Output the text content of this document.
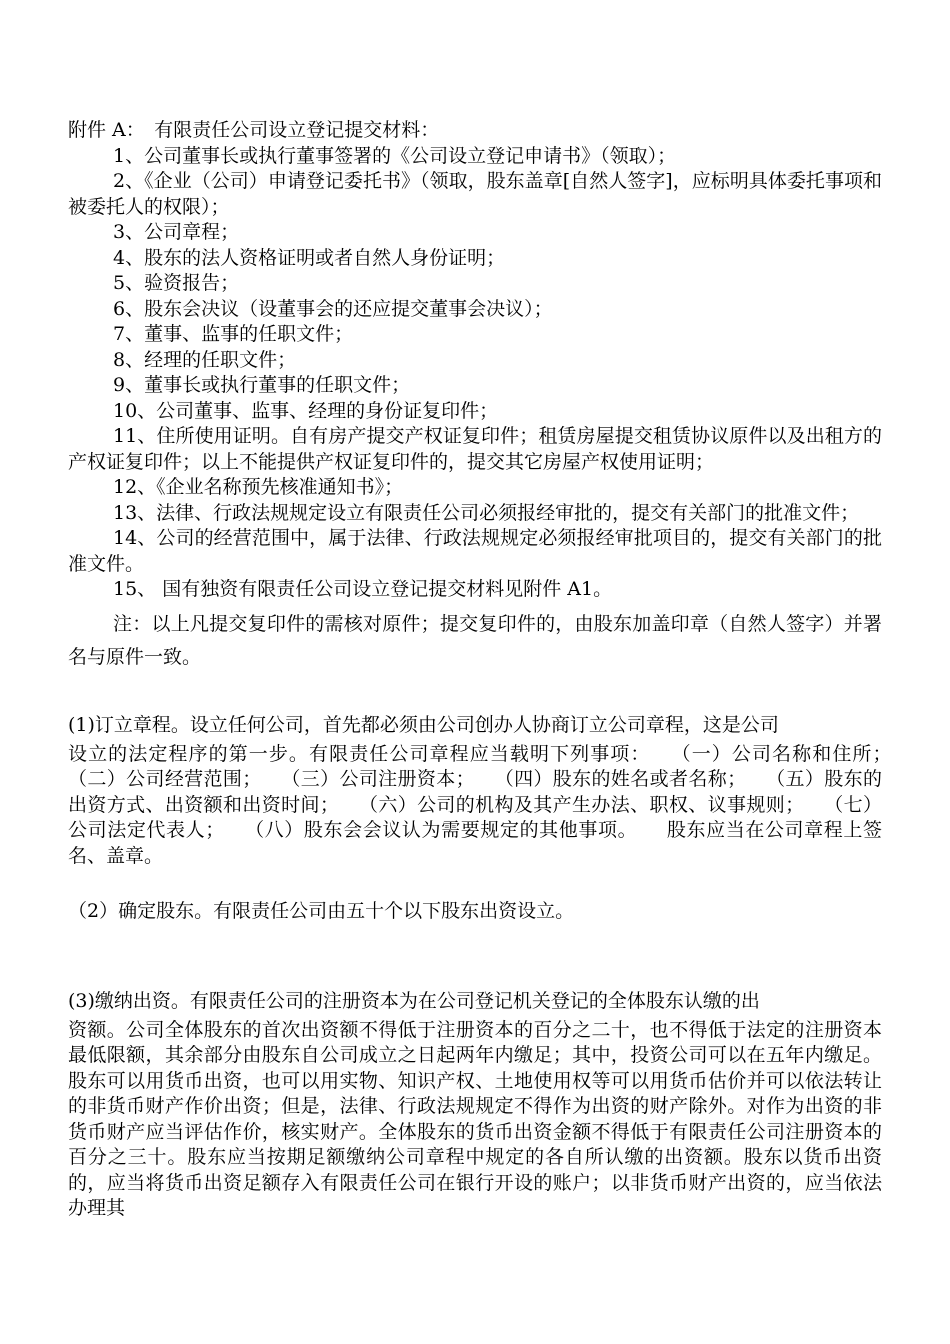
附件 A：　有限责任公司设立登记提交材料：

1、公司董事长或执行董事签署的《公司设立登记申请书》（领取）；

2、《企业（公司）申请登记委托书》（领取，股东盖章[自然人签字]，应标明具体委托事项和被委托人的权限）；

3、公司章程；

4、股东的法人资格证明或者自然人身份证明；

5、验资报告；

6、股东会决议（设董事会的还应提交董事会决议）；

7、董事、监事的任职文件；

8、经理的任职文件；

9、董事长或执行董事的任职文件；

10、公司董事、监事、经理的身份证复印件；

11、住所使用证明。自有房产提交产权证复印件；租赁房屋提交租赁协议原件以及出租方的产权证复印件；以上不能提供产权证复印件的，提交其它房屋产权使用证明；

12、《企业名称预先核准通知书》；

13、法律、行政法规规定设立有限责任公司必须报经审批的，提交有关部门的批准文件；

14、公司的经营范围中，属于法律、行政法规规定必须报经审批项目的，提交有关部门的批准文件。

15、 国有独资有限责任公司设立登记提交材料见附件 A1。

注：以上凡提交复印件的需核对原件；提交复印件的，由股东加盖印章（自然人签字）并署名与原件一致。

(1)订立章程。设立任何公司，首先都必须由公司创办人协商订立公司章程，这是公司

设立的法定程序的第一步。有限责任公司章程应当载明下列事项：　　（一）公司名称和住所；　　（二）公司经营范围；　　（三）公司注册资本；　　（四）股东的姓名或者名称；　　（五）股东的出资方式、出资额和出资时间；　　（六）公司的机构及其产生办法、职权、议事规则；　　（七）公司法定代表人；　　（八）股东会会议认为需要规定的其他事项。　　股东应当在公司章程上签名、盖章。

（2）确定股东。有限责任公司由五十个以下股东出资设立。

(3)缴纳出资。有限责任公司的注册资本为在公司登记机关登记的全体股东认缴的出

资额。公司全体股东的首次出资额不得低于注册资本的百分之二十，也不得低于法定的注册资本最低限额，其余部分由股东自公司成立之日起两年内缴足；其中，投资公司可以在五年内缴足。股东可以用货币出资，也可以用实物、知识产权、土地使用权等可以用货币估价并可以依法转让的非货币财产作价出资；但是，法律、行政法规规定不得作为出资的财产除外。对作为出资的非货币财产应当评估作价，核实财产。全体股东的货币出资金额不得低于有限责任公司注册资本的百分之三十。股东应当按期足额缴纳公司章程中规定的各自所认缴的出资额。股东以货币出资的，应当将货币出资足额存入有限责任公司在银行开设的账户；以非货币财产出资的，应当依法办理其
